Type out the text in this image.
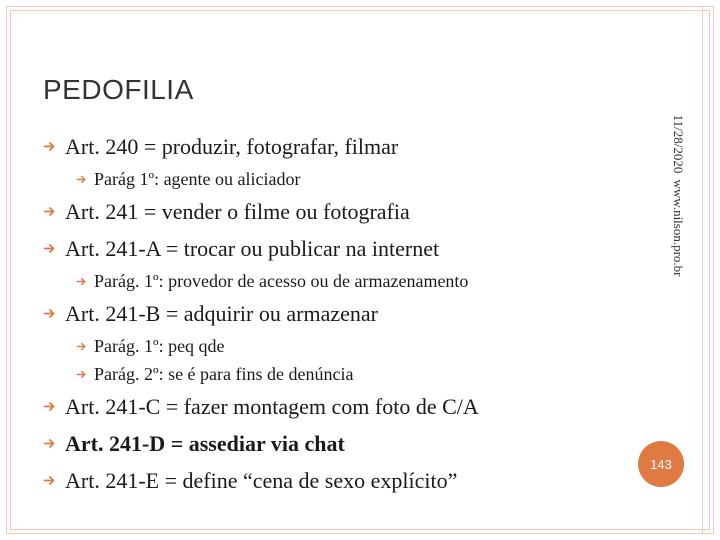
PEDOFILIA
Art. 240 = produzir, fotografar, filmar
Parág 1º: agente ou aliciador
Art. 241 = vender o filme ou fotografia
Art. 241-A = trocar ou publicar na internet
Parág. 1º: provedor de acesso ou de armazenamento
Art. 241-B = adquirir ou armazenar
Parág. 1º: peq qde
Parág. 2º: se é para fins de denúncia
Art. 241-C = fazer montagem com foto de C/A
Art. 241-D = assediar via chat
Art. 241-E = define “cena de sexo explícito”
11/28/2020
www.nilson.pro.br
143
